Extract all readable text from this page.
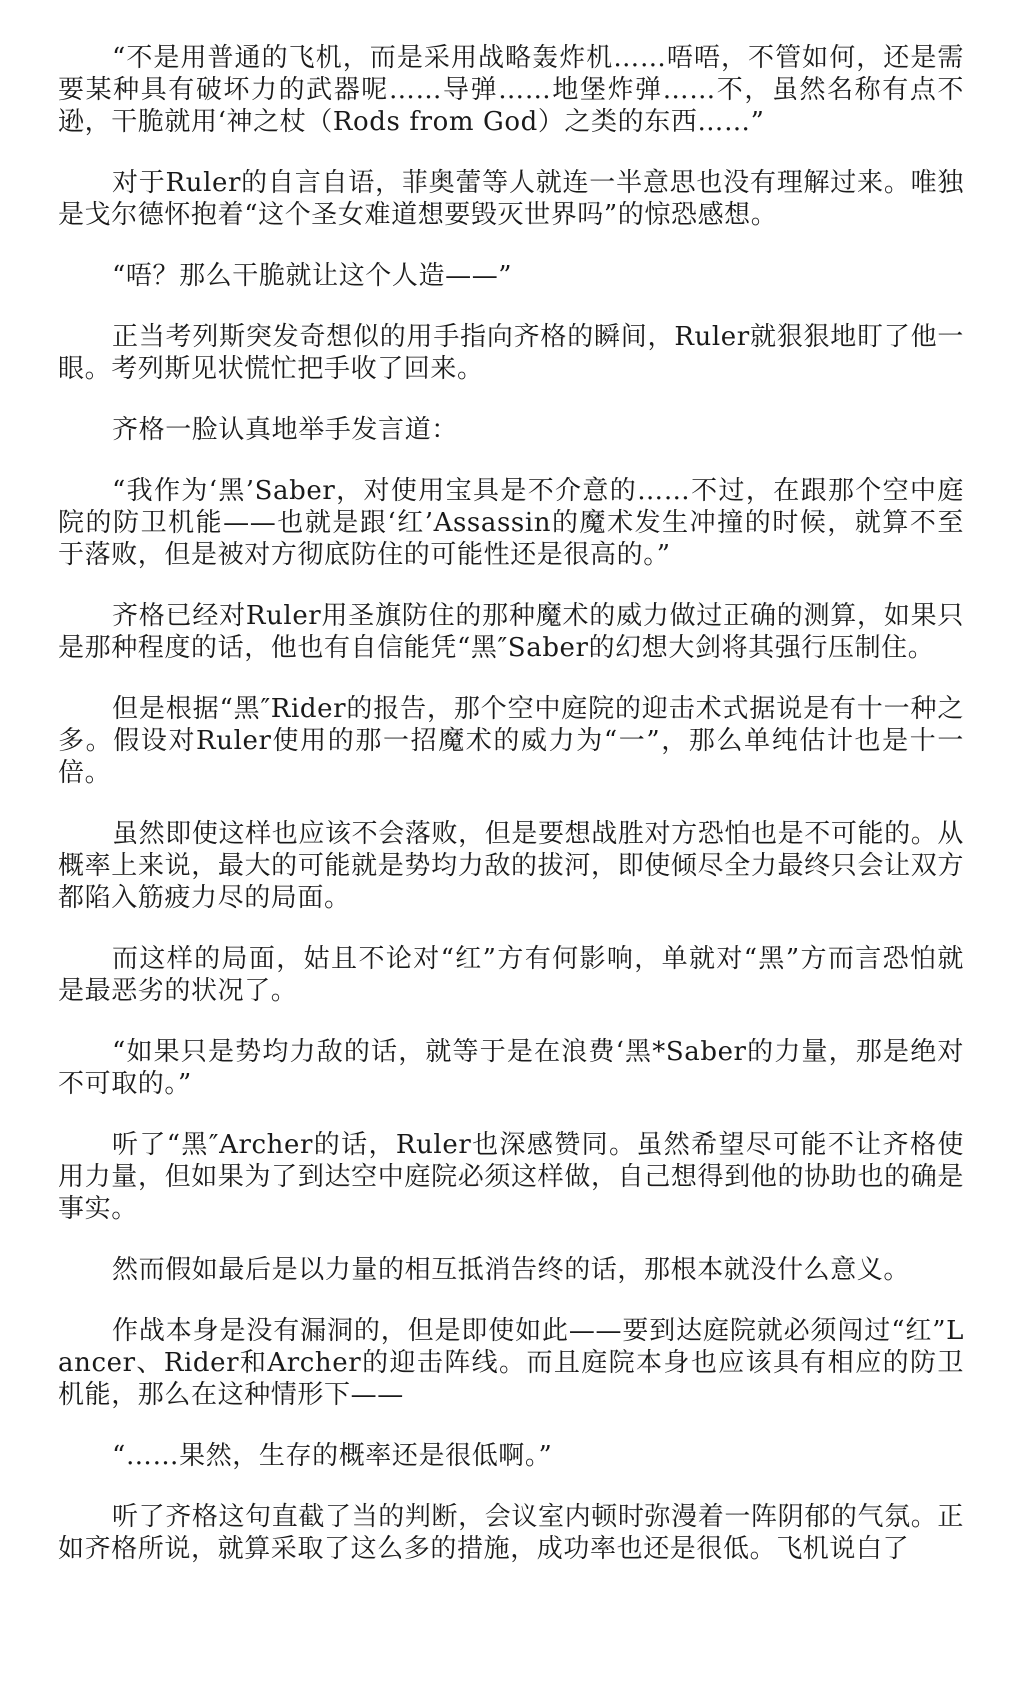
“不是用普通的飞机，而是采用战略轰炸机……唔唔，不管如何，还是需要某种具有破坏力的武器呢……导弹……地堡炸弹……不，虽然名称有点不逊，干脆就用‘神之杖（Rods from God）之类的东西……”

对于Ruler的自言自语，菲奥蕾等人就连一半意思也没有理解过来。唯独是戈尔德怀抱着“这个圣女难道想要毁灭世界吗”的惊恐感想。

“唔？那么干脆就让这个人造——”

正当考列斯突发奇想似的用手指向齐格的瞬间，Ruler就狠狠地盯了他一眼。考列斯见状慌忙把手收了回来。

齐格一脸认真地举手发言道：

“我作为‘黑’Saber，对使用宝具是不介意的……不过，在跟那个空中庭院的防卫机能——也就是跟‘红’Assassin的魔术发生冲撞的时候，就算不至于落败，但是被对方彻底防住的可能性还是很高的。”

齐格已经对Ruler用圣旗防住的那种魔术的威力做过正确的测算，如果只是那种程度的话，他也有自信能凭“黑″Saber的幻想大剑将其强行压制住。

但是根据“黑″Rider的报告，那个空中庭院的迎击术式据说是有十一种之多。假设对Ruler使用的那一招魔术的威力为“一”，那么单纯估计也是十一倍。

虽然即使这样也应该不会落败，但是要想战胜对方恐怕也是不可能的。从概率上来说，最大的可能就是势均力敌的拔河，即使倾尽全力最终只会让双方都陷入筋疲力尽的局面。

而这样的局面，姑且不论对“红”方有何影响，单就对“黑”方而言恐怕就是最恶劣的状况了。

“如果只是势均力敌的话，就等于是在浪费‘黑*Saber的力量，那是绝对不可取的。”

听了“黑″Archer的话，Ruler也深感赞同。虽然希望尽可能不让齐格使用力量，但如果为了到达空中庭院必须这样做，自己想得到他的协助也的确是事实。

然而假如最后是以力量的相互抵消告终的话，那根本就没什么意义。

作战本身是没有漏洞的，但是即使如此——要到达庭院就必须闯过“红”Lancer、Rider和Archer的迎击阵线。而且庭院本身也应该具有相应的防卫机能，那么在这种情形下——

“……果然，生存的概率还是很低啊。”

听了齐格这句直截了当的判断，会议室内顿时弥漫着一阵阴郁的气氛。正如齐格所说，就算采取了这么多的措施，成功率也还是很低。飞机说白了
